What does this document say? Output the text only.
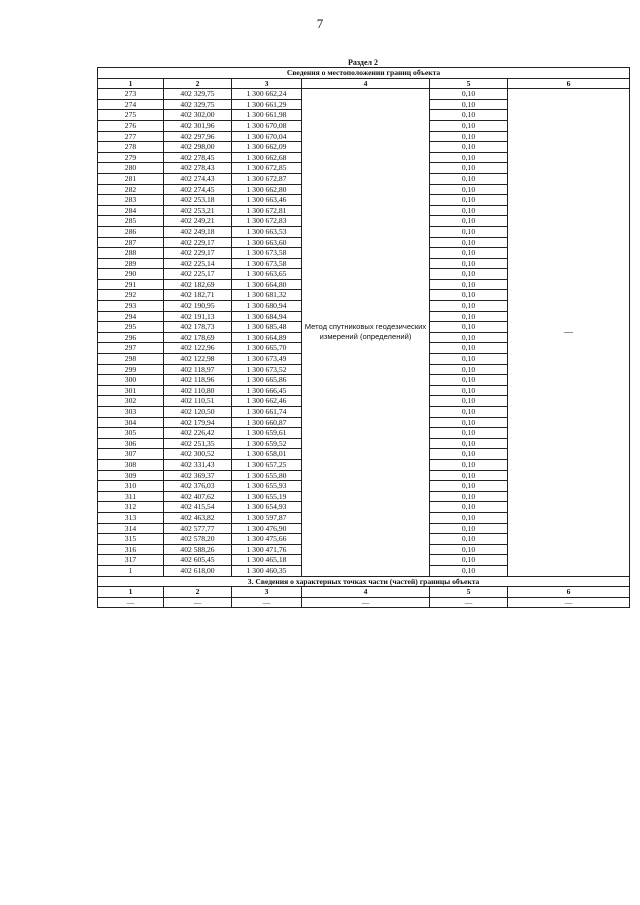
7
Раздел 2
Сведения о местоположении границ объекта					
1	2	3	4	5	6
273	402 329,75	1 300 662,24	Метод спутниковых геодезических измерений (определений)	0,10	—
274	402 329,75	1 300 661,29		0,10	
275	402 302,00	1 300 661,98		0,10	
276	402 301,96	1 300 670,08		0,10	
277	402 297,96	1 300 670,04		0,10	
278	402 298,00	1 300 662,09		0,10	
279	402 278,45	1 300 662,68		0,10	
280	402 278,43	1 300 672,85		0,10	
281	402 274,43	1 300 672,87		0,10	
282	402 274,45	1 300 662,80		0,10	
283	402 253,18	1 300 663,46		0,10	
284	402 253,21	1 300 672,81		0,10	
285	402 249,21	1 300 672,83		0,10	
286	402 249,18	1 300 663,53		0,10	
287	402 229,17	1 300 663,60		0,10	
288	402 229,17	1 300 673,58		0,10	
289	402 225,14	1 300 673,58		0,10	
290	402 225,17	1 300 663,65		0,10	
291	402 182,69	1 300 664,80		0,10	
292	402 182,71	1 300 681,32		0,10	
293	402 190,95	1 300 680,94		0,10	
294	402 191,13	1 300 684,94		0,10	
295	402 178,73	1 300 685,48		0,10	
296	402 178,69	1 300 664,89		0,10	
297	402 122,96	1 300 665,70		0,10	
298	402 122,98	1 300 673,49		0,10	
299	402 118,97	1 300 673,52		0,10	
300	402 118,96	1 300 665,86		0,10	
301	402 110,80	1 300 666,45		0,10	
302	402 110,51	1 300 662,46		0,10	
303	402 120,50	1 300 661,74		0,10	
304	402 179,94	1 300 660,87		0,10	
305	402 226,42	1 300 659,61		0,10	
306	402 251,35	1 300 659,52		0,10	
307	402 300,52	1 300 658,01		0,10	
308	402 331,43	1 300 657,25		0,10	
309	402 369,37	1 300 655,80		0,10	
310	402 376,03	1 300 655,93		0,10	
311	402 407,62	1 300 655,19		0,10	
312	402 415,54	1 300 654,93		0,10	
313	402 463,82	1 300 597,87		0,10	
314	402 577,77	1 300 476,90		0,10	
315	402 578,20	1 300 475,66		0,10	
316	402 588,26	1 300 471,76		0,10	
317	402 605,45	1 300 465,18		0,10	
1	402 618,00	1 300 460,35		0,10	
3. Сведения о характерных точках части (частей) границы объекта					
1	2	3	4	5	6
—	—	—	—	—	—
